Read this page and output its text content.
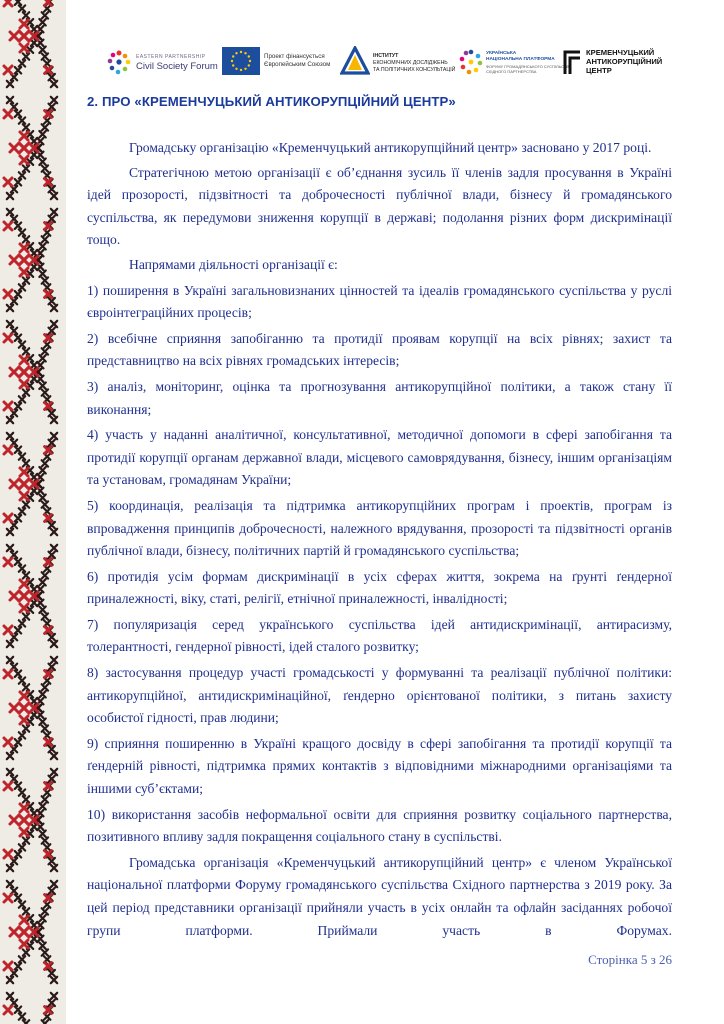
EASTERN PARTNERSHIP
Civil Society Forum
Проект фінансується
Європейським Союзом
ІНСТИТУТ
ЕКОНОМІЧНИХ ДОСЛІДЖЕНЬ
ТА ПОЛІТИЧНИХ КОНСУЛЬТАЦІЙ
УКРАЇНСЬКА
НАЦІОНАЛЬНА ПЛАТФОРМА
ФОРУМУ ГРОМАДЯНСЬКОГО СУСПІЛЬСТВА
СХІДНОГО ПАРТНЕРСТВА
КРЕМЕНЧУЦЬКИЙ
АНТИКОРУПЦІЙНИЙ
ЦЕНТР
2. ПРО «КРЕМЕНЧУЦЬКИЙ АНТИКОРУПЦІЙНИЙ ЦЕНТР»

Громадську організацію «Кременчуцький антикорупційний центр» засновано у 2017 році.

Стратегічною метою організації є об’єднання зусиль її членів задля просування в Україні ідей прозорості, підзвітності та доброчесності публічної влади, бізнесу й громадянського суспільства, як передумови зниження корупції в державі; подолання різних форм дискримінації тощо.

Напрямами діяльності організації є:

1) поширення в Україні загальновизнаних цінностей та ідеалів громадянського суспільства у руслі євроінтеграційних процесів;

2) всебічне сприяння запобіганню та протидії проявам корупції на всіх рівнях; захист та представництво на всіх рівнях громадських інтересів;

3) аналіз, моніторинг, оцінка та прогнозування антикорупційної політики, а також стану її виконання;

4) участь у наданні аналітичної, консультативної, методичної допомоги в сфері запобігання та протидії корупції органам державної влади, місцевого самоврядування, бізнесу, іншим організаціям та установам, громадянам України;

5) координація, реалізація та підтримка антикорупційних програм і проектів, програм із впровадження принципів доброчесності, належного врядування, прозорості та підзвітності органів публічної влади, бізнесу, політичних партій й громадянського суспільства;

6) протидія усім формам дискримінації в усіх сферах життя, зокрема на ґрунті ґендерної приналежності, віку, статі, релігії, етнічної приналежності, інвалідності;

7) популяризація серед українського суспільства ідей антидискримінації, антирасизму, толерантності, гендерної рівності, ідей сталого розвитку;

8) застосування процедур участі громадськості у формуванні та реалізації публічної політики: антикорупційної, антидискримінаційної, ґендерно орієнтованої політики, з питань захисту особистої гідності, прав людини;

9) сприяння поширенню в Україні кращого досвіду в сфері запобігання та протидії корупції та ґендерній рівності, підтримка прямих контактів з відповідними міжнародними організаціями та іншими суб’єктами;

10) використання засобів неформальної освіти для сприяння розвитку соціального партнерства, позитивного впливу задля покращення соціального стану в суспільстві.

Громадська організація «Кременчуцький антикорупційний центр» є членом Української національної платформи Форуму громадянського суспільства Східного партнерства з 2019 року. За цей період представники організації прийняли участь в усіх онлайн та офлайн засіданнях робочої групи платформи. Приймали участь в Форумах.

Сторінка 5 з 26
